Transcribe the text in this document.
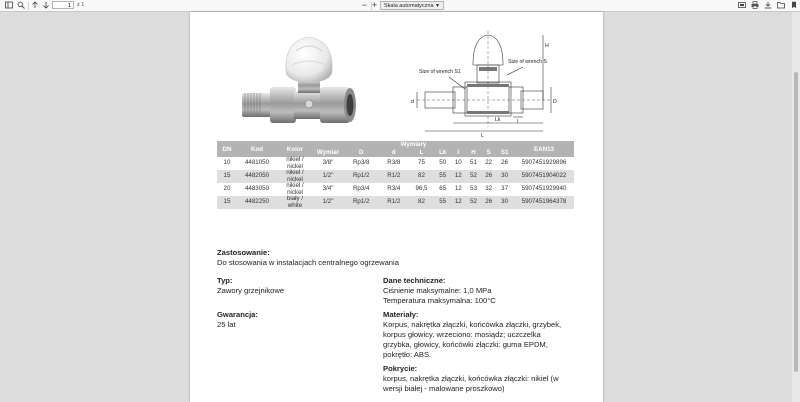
1	z 1	− +	Skala automatyczna ▼
Size of wrench S1
Size of wrench S
d	D
H
l
Lk
L
DN	Kod	Kolor	Wymiary									EAN13
			Wymiar	D	d	L	Lk	l	H	S	S1	
10	4481050	nikiel /
nickel	3/8"	Rp3/8	R3/8	75	50	10	51	22	26		5907451929896
15	4482050	nikiel /
nickel	1/2"	Rp1/2	R1/2	82	55	12	52	26	30		5907451904022
20	4483050	nikiel /
nickel	3/4"	Rp3/4	R3/4	96,5	65	12	53	32	37		5907451929940
15	4482250	biały /
white	1/2"	Rp1/2	R1/2	82	55	12	52	26	30		5907451964378
Zastosowanie:
Do stosowania w instalacjach centralnego ogrzewania
Typ:
Zawory grzejnikowe
Gwarancja:
25 lat
Dane techniczne:
Ciśnienie maksymalne: 1,0 MPa
Temperatura maksymalna: 100°C
Materiały:
Korpus, nakrętka złączki, końcówka złączki, grzybek,
korpus głowicy, wrzeciono: mosiądz; uczczelka
grzybka, głowicy, końcówki złączki: guma EPDM,
pokrętło: ABS.
Pokrycie:
korpus, nakrętka złączki, końcówka złączki: nikiel (w
wersji białej - malowane proszkowo)
